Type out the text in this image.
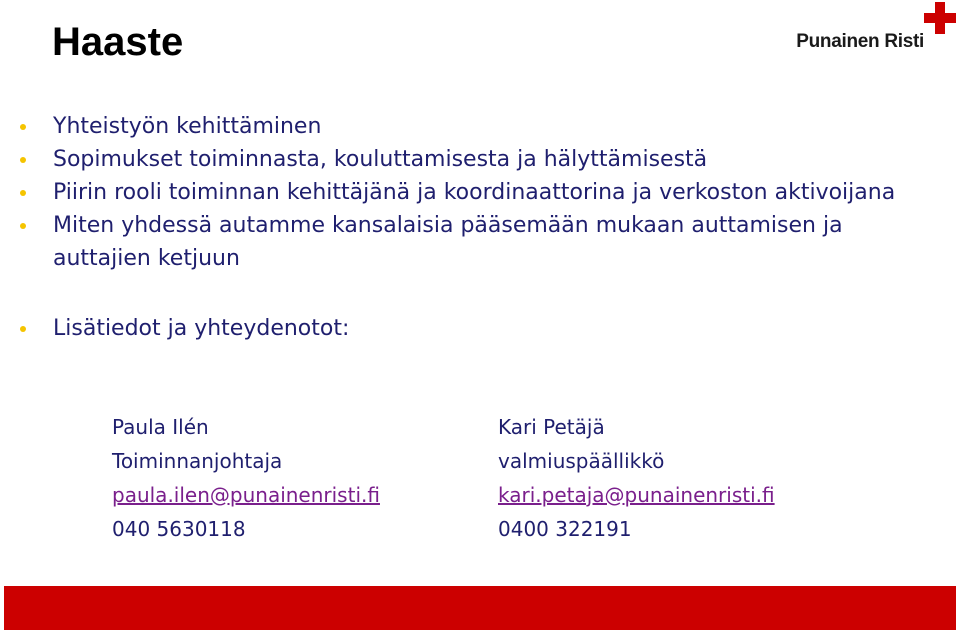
Haaste	Punainen Risti
Yhteistyön kehittäminen
Sopimukset toiminnasta, kouluttamisesta ja hälyttämisestä
Piirin rooli toiminnan kehittäjänä ja koordinaattorina ja verkoston aktivoijana
Miten yhdessä autamme kansalaisia pääsemään mukaan auttamisen ja auttajien ketjuun
Lisätiedot ja yhteydenotot:
Paula Ilén	Kari Petäjä
Toiminnanjohtaja	valmiuspäällikkö
paula.ilen@punainenristi.fi	kari.petaja@punainenristi.fi
040 5630118	0400 322191
